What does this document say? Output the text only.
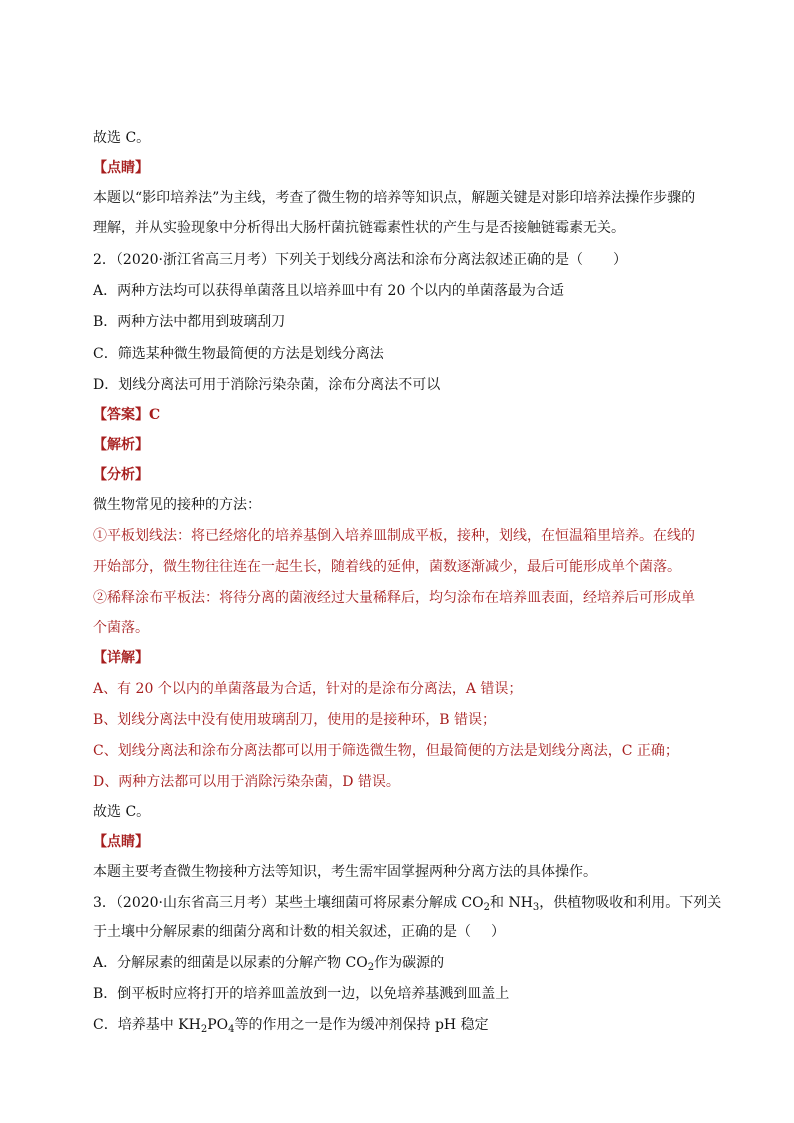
故选 C。
【点睛】
本题以“影印培养法”为主线，考查了微生物的培养等知识点，解题关键是对影印培养法操作步骤的
理解，并从实验现象中分析得出大肠杆菌抗链霉素性状的产生与是否接触链霉素无关。
2．（2020·浙江省高三月考）下列关于划线分离法和涂布分离法叙述正确的是（ ）
A．两种方法均可以获得单菌落且以培养皿中有 20 个以内的单菌落最为合适
B．两种方法中都用到玻璃刮刀
C．筛选某种微生物最简便的方法是划线分离法
D．划线分离法可用于消除污染杂菌，涂布分离法不可以
【答案】C
【解析】
【分析】
微生物常见的接种的方法：
①平板划线法：将已经熔化的培养基倒入培养皿制成平板，接种，划线，在恒温箱里培养。在线的
开始部分，微生物往往连在一起生长，随着线的延伸，菌数逐渐减少，最后可能形成单个菌落。
②稀释涂布平板法：将待分离的菌液经过大量稀释后，均匀涂布在培养皿表面，经培养后可形成单
个菌落。
【详解】
A、有 20 个以内的单菌落最为合适，针对的是涂布分离法，A 错误；
B、划线分离法中没有使用玻璃刮刀，使用的是接种环，B 错误；
C、划线分离法和涂布分离法都可以用于筛选微生物，但最简便的方法是划线分离法，C 正确；
D、两种方法都可以用于消除污染杂菌，D 错误。
故选 C。
【点睛】
本题主要考查微生物接种方法等知识，考生需牢固掌握两种分离方法的具体操作。
3．（2020·山东省高三月考）某些土壤细菌可将尿素分解成 $CO_2$和 $NH_3$，供植物吸收和利用。下列关
于土壤中分解尿素的细菌分离和计数的相关叙述，正确的是（ ）
A．分解尿素的细菌是以尿素的分解产物 $CO_2$作为碳源的
B．倒平板时应将打开的培养皿盖放到一边，以免培养基溅到皿盖上
C．培养基中 $KH_2PO_4$等的作用之一是作为缓冲剂保持 pH 稳定
